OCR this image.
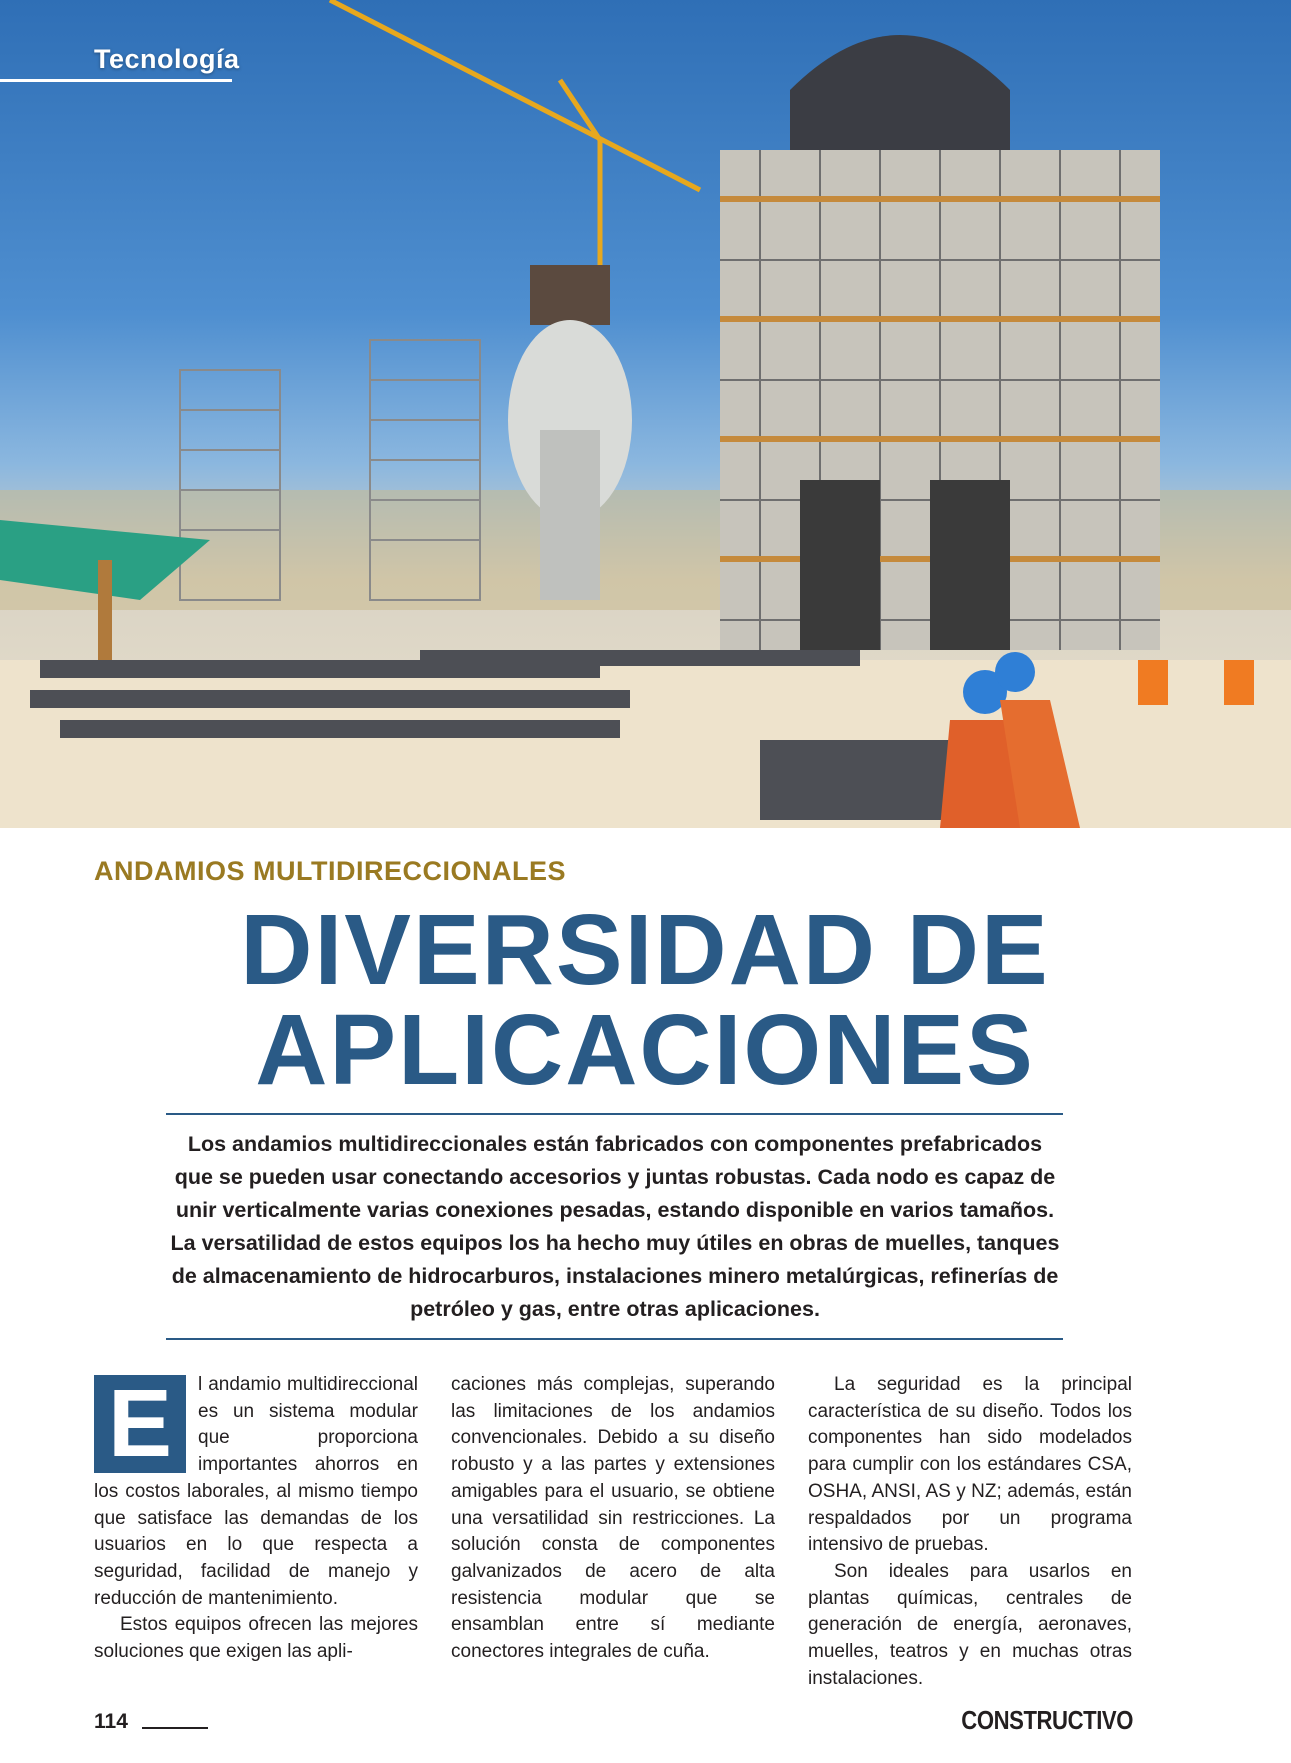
Tecnología
ANDAMIOS MULTIDIRECCIONALES
DIVERSIDAD DE
APLICACIONES
Los andamios multidireccionales están fabricados con componentes prefabricados que se pueden usar conectando accesorios y juntas robustas. Cada nodo es capaz de unir verticalmente varias conexiones pesadas, estando disponible en varios tamaños. La versatilidad de estos equipos los ha hecho muy útiles en obras de muelles, tanques de almacenamiento de hidrocarburos, instalaciones minero metalúrgicas, refinerías de petróleo y gas, entre otras aplicaciones.

E	l andamio multidireccional es un sistema modular que proporciona importantes ahorros en los costos laborales, al mismo tiempo que satisface las demandas de los usuarios en lo que respecta a seguridad, facilidad de manejo y reducción de mantenimiento.

Estos equipos ofrecen las mejores soluciones que exigen las apli-

caciones más complejas, superando las limitaciones de los andamios convencionales. Debido a su diseño robusto y a las partes y extensiones amigables para el usuario, se obtiene una versatilidad sin restricciones. La solución consta de componentes galvanizados de acero de alta resistencia modular que se ensamblan entre sí mediante conectores integrales de cuña.

La seguridad es la principal característica de su diseño. Todos los componentes han sido modelados para cumplir con los estándares CSA, OSHA, ANSI, AS y NZ; además, están respaldados por un programa intensivo de pruebas.

Son ideales para usarlos en plantas químicas, centrales de generación de energía, aeronaves, muelles, teatros y en muchas otras instalaciones.

114	CONSTRUCTIVO
